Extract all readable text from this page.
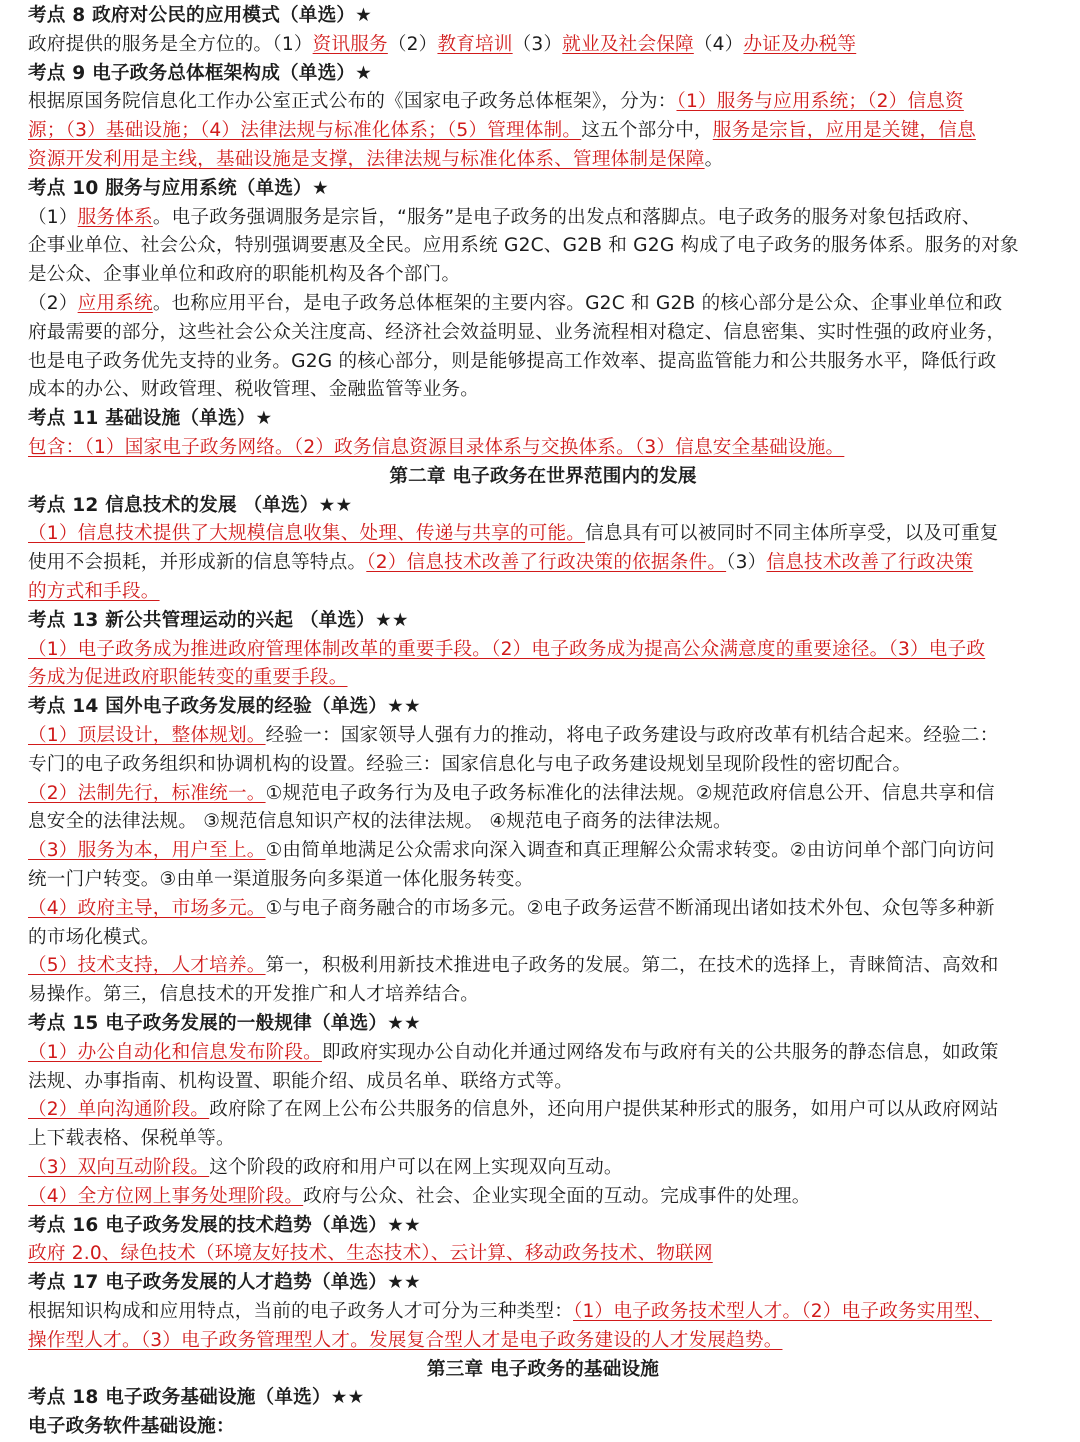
考点 8 政府对公民的应用模式（单选）★
政府提供的服务是全方位的。（1）资讯服务（2）教育培训（3）就业及社会保障（4）办证及办税等
考点 9 电子政务总体框架构成（单选）★
根据原国务院信息化工作办公室正式公布的《国家电子政务总体框架》，分为：（1）服务与应用系统；（2）信息资
源；（3）基础设施；（4）法律法规与标准化体系；（5）管理体制。这五个部分中，服务是宗旨，应用是关键，信息
资源开发利用是主线，基础设施是支撑，法律法规与标准化体系、管理体制是保障。
考点 10 服务与应用系统（单选）★
（1）服务体系。电子政务强调服务是宗旨，“服务”是电子政务的出发点和落脚点。电子政务的服务对象包括政府、
企事业单位、社会公众，特别强调要惠及全民。应用系统 G2C、G2B 和 G2G 构成了电子政务的服务体系。服务的对象
是公众、企事业单位和政府的职能机构及各个部门。
（2）应用系统。也称应用平台，是电子政务总体框架的主要内容。G2C 和 G2B 的核心部分是公众、企事业单位和政
府最需要的部分，这些社会公众关注度高、经济社会效益明显、业务流程相对稳定、信息密集、实时性强的政府业务，
也是电子政务优先支持的业务。G2G 的核心部分，则是能够提高工作效率、提高监管能力和公共服务水平，降低行政
成本的办公、财政管理、税收管理、金融监管等业务。
考点 11 基础设施（单选）★
包含：（1）国家电子政务网络。（2）政务信息资源目录体系与交换体系。（3）信息安全基础设施。
第二章 电子政务在世界范围内的发展
考点 12 信息技术的发展 （单选）★★
（1）信息技术提供了大规模信息收集、处理、传递与共享的可能。信息具有可以被同时不同主体所享受，以及可重复
使用不会损耗，并形成新的信息等特点。（2）信息技术改善了行政决策的依据条件。（3）信息技术改善了行政决策
的方式和手段。
考点 13 新公共管理运动的兴起 （单选）★★
（1）电子政务成为推进政府管理体制改革的重要手段。（2）电子政务成为提高公众满意度的重要途径。（3）电子政
务成为促进政府职能转变的重要手段。
考点 14 国外电子政务发展的经验（单选）★★
（1）顶层设计，整体规划。经验一：国家领导人强有力的推动，将电子政务建设与政府改革有机结合起来。经验二：
专门的电子政务组织和协调机构的设置。经验三：国家信息化与电子政务建设规划呈现阶段性的密切配合。
（2）法制先行，标准统一。①规范电子政务行为及电子政务标准化的法律法规。②规范政府信息公开、信息共享和信
息安全的法律法规。 ③规范信息知识产权的法律法规。 ④规范电子商务的法律法规。
（3）服务为本，用户至上。①由简单地满足公众需求向深入调查和真正理解公众需求转变。②由访问单个部门向访问
统一门户转变。③由单一渠道服务向多渠道一体化服务转变。
（4）政府主导，市场多元。①与电子商务融合的市场多元。②电子政务运营不断涌现出诸如技术外包、众包等多种新
的市场化模式。
（5）技术支持，人才培养。第一，积极利用新技术推进电子政务的发展。第二，在技术的选择上，青睐简洁、高效和
易操作。第三，信息技术的开发推广和人才培养结合。
考点 15 电子政务发展的一般规律（单选）★★
（1）办公自动化和信息发布阶段。即政府实现办公自动化并通过网络发布与政府有关的公共服务的静态信息，如政策
法规、办事指南、机构设置、职能介绍、成员名单、联络方式等。
（2）单向沟通阶段。政府除了在网上公布公共服务的信息外，还向用户提供某种形式的服务，如用户可以从政府网站
上下载表格、保税单等。
（3）双向互动阶段。这个阶段的政府和用户可以在网上实现双向互动。
（4）全方位网上事务处理阶段。政府与公众、社会、企业实现全面的互动。完成事件的处理。
考点 16 电子政务发展的技术趋势（单选）★★
政府 2.0、绿色技术（环境友好技术、生态技术）、云计算、移动政务技术、物联网
考点 17 电子政务发展的人才趋势（单选）★★
根据知识构成和应用特点，当前的电子政务人才可分为三种类型：（1）电子政务技术型人才。（2）电子政务实用型、
操作型人才。（3）电子政务管理型人才。发展复合型人才是电子政务建设的人才发展趋势。
第三章 电子政务的基础设施
考点 18 电子政务基础设施（单选）★★
电子政务软件基础设施：
